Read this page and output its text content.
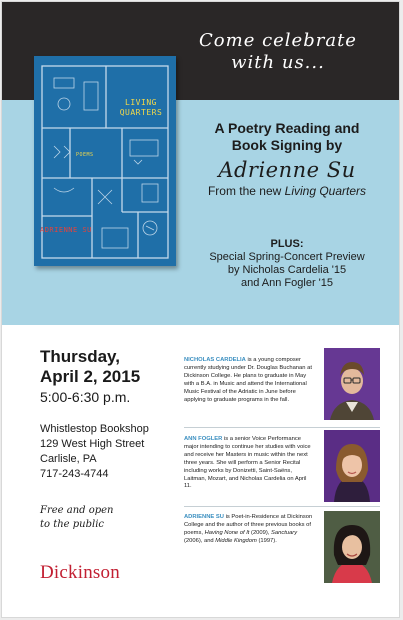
Come celebrate
with us...
LIVING
QUARTERS
POEMS
ADRIENNE SU
A Poetry Reading and
Book Signing by
Adrienne Su
From the new Living Quarters
PLUS:
Special Spring-Concert Preview
by Nicholas Cardelia '15
and Ann Fogler '15
Thursday,
April 2, 2015
5:00-6:30 p.m.
Whistlestop Bookshop
129 West High Street
Carlisle, PA
717-243-4744
Free and open
to the public
Dickinson
NICHOLAS CARDELIA is a young composer currently studying under Dr. Douglas Buchanan at Dickinson College. He plans to graduate in May with a B.A. in Music and attend the International Music Festival of the Adriatic in June before applying to graduate programs in the fall.
ANN FOGLER is a senior Voice Performance major intending to continue her studies with voice and receive her Masters in music within the next three years. She will perform a Senior Recital including works by Donizetti, Saint-Saëns, Laitman, Mozart, and Nicholas Cardelia on April 11.
ADRIENNE SU is Poet-in-Residence at Dickinson College and the author of three previous books of poems, Having None of It (2009), Sanctuary (2006), and Middle Kingdom (1997).
